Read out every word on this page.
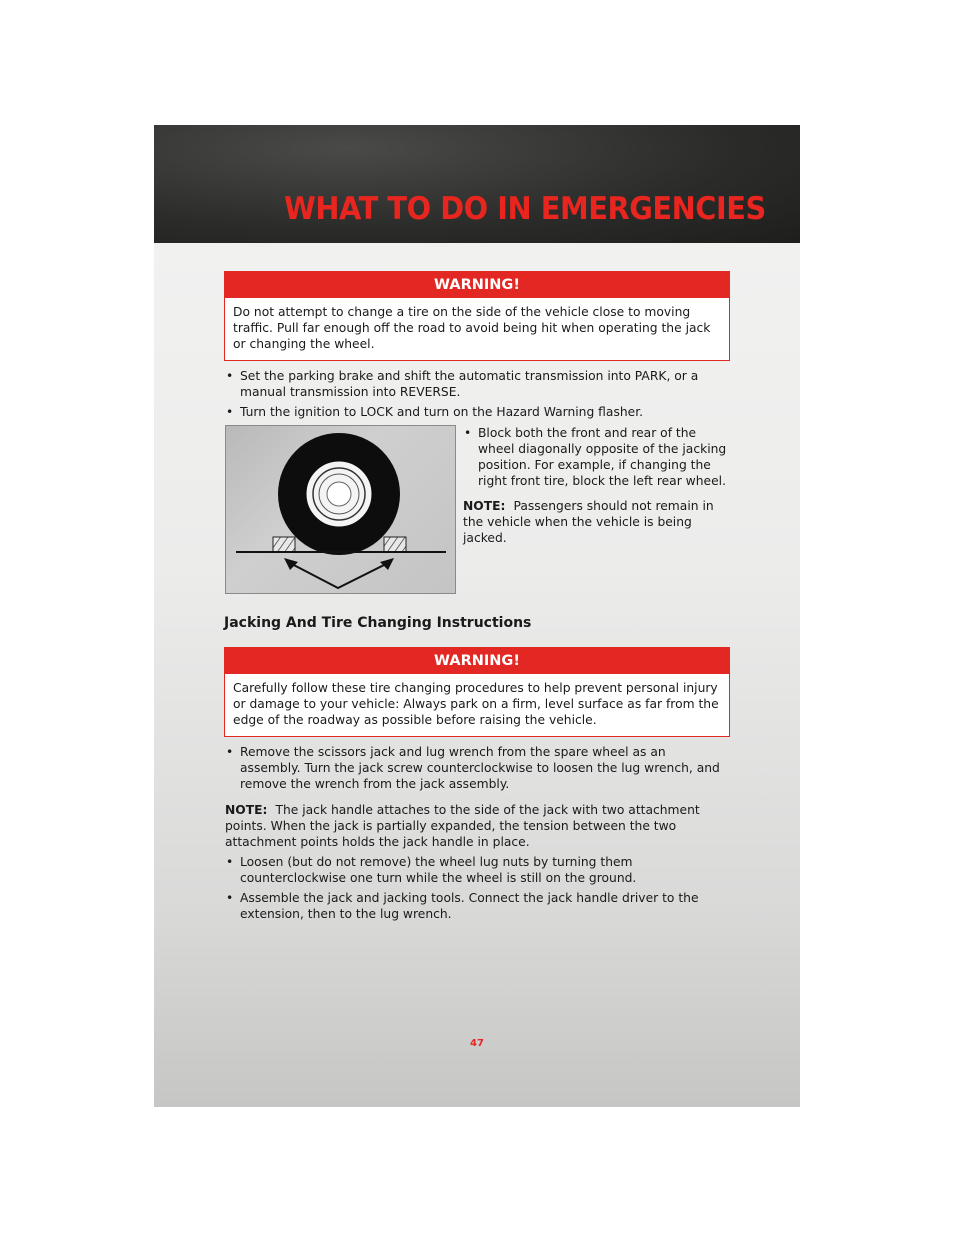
WHAT TO DO IN EMERGENCIES
WARNING!
Do not attempt to change a tire on the side of the vehicle close to moving traffic. Pull far enough off the road to avoid being hit when operating the jack or changing the wheel.
• Set the parking brake and shift the automatic transmission into PARK, or a manual transmission into REVERSE.
• Turn the ignition to LOCK and turn on the Hazard Warning flasher.
• Block both the front and rear of the wheel diagonally opposite of the jacking position. For example, if changing the right front tire, block the left rear wheel.
NOTE: Passengers should not remain in the vehicle when the vehicle is being jacked.
Jacking And Tire Changing Instructions
WARNING!
Carefully follow these tire changing procedures to help prevent personal injury or damage to your vehicle: Always park on a firm, level surface as far from the edge of the roadway as possible before raising the vehicle.
• Remove the scissors jack and lug wrench from the spare wheel as an assembly. Turn the jack screw counterclockwise to loosen the lug wrench, and remove the wrench from the jack assembly.
NOTE: The jack handle attaches to the side of the jack with two attachment points. When the jack is partially expanded, the tension between the two attachment points holds the jack handle in place.
• Loosen (but do not remove) the wheel lug nuts by turning them counterclockwise one turn while the wheel is still on the ground.
• Assemble the jack and jacking tools. Connect the jack handle driver to the extension, then to the lug wrench.
47
